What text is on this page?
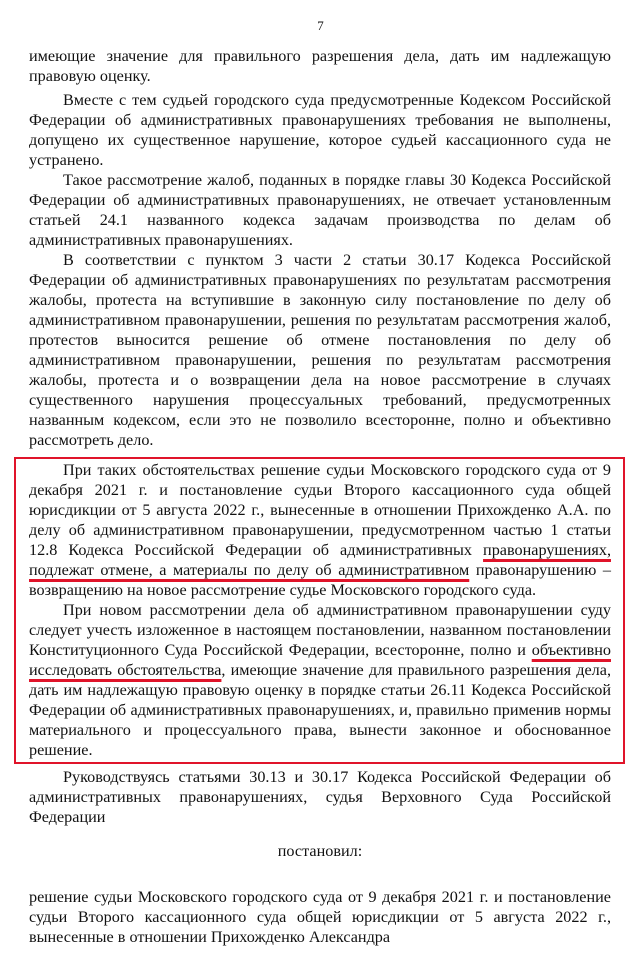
7

имеющие значение для правильного разрешения дела, дать им надлежащую правовую оценку.

Вместе с тем судьей городского суда предусмотренные Кодексом Российской Федерации об административных правонарушениях требования не выполнены, допущено их существенное нарушение, которое судьей кассационного суда не устранено.

Такое рассмотрение жалоб, поданных в порядке главы 30 Кодекса Российской Федерации об административных правонарушениях, не отвечает установленным статьей 24.1 названного кодекса задачам производства по делам об административных правонарушениях.

В соответствии с пунктом 3 части 2 статьи 30.17 Кодекса Российской Федерации об административных правонарушениях по результатам рассмотрения жалобы, протеста на вступившие в законную силу постановление по делу об административном правонарушении, решения по результатам рассмотрения жалоб, протестов выносится решение об отмене постановления по делу об административном правонарушении, решения по результатам рассмотрения жалобы, протеста и о возвращении дела на новое рассмотрение в случаях существенного нарушения процессуальных требований, предусмотренных названным кодексом, если это не позволило всесторонне, полно и объективно рассмотреть дело.

При таких обстоятельствах решение судьи Московского городского суда от 9 декабря 2021 г. и постановление судьи Второго кассационного суда общей юрисдикции от 5 августа 2022 г., вынесенные в отношении Прихожденко А.А. по делу об административном правонарушении, предусмотренном частью 1 статьи 12.8 Кодекса Российской Федерации об административных правонарушениях, подлежат отмене, а материалы по делу об административном правонарушению – возвращению на новое рассмотрение судье Московского городского суда.

При новом рассмотрении дела об административном правонарушении суду следует учесть изложенное в настоящем постановлении, названном постановлении Конституционного Суда Российской Федерации, всесторонне, полно и объективно исследовать обстоятельства, имеющие значение для правильного разрешения дела, дать им надлежащую правовую оценку в порядке статьи 26.11 Кодекса Российской Федерации об административных правонарушениях, и, правильно применив нормы материального и процессуального права, вынести законное и обоснованное решение.

Руководствуясь статьями 30.13 и 30.17 Кодекса Российской Федерации об административных правонарушениях, судья Верховного Суда Российской Федерации

постановил:

решение судьи Московского городского суда от 9 декабря 2021 г. и постановление судьи Второго кассационного суда общей юрисдикции от 5 августа 2022 г., вынесенные в отношении Прихожденко Александра
